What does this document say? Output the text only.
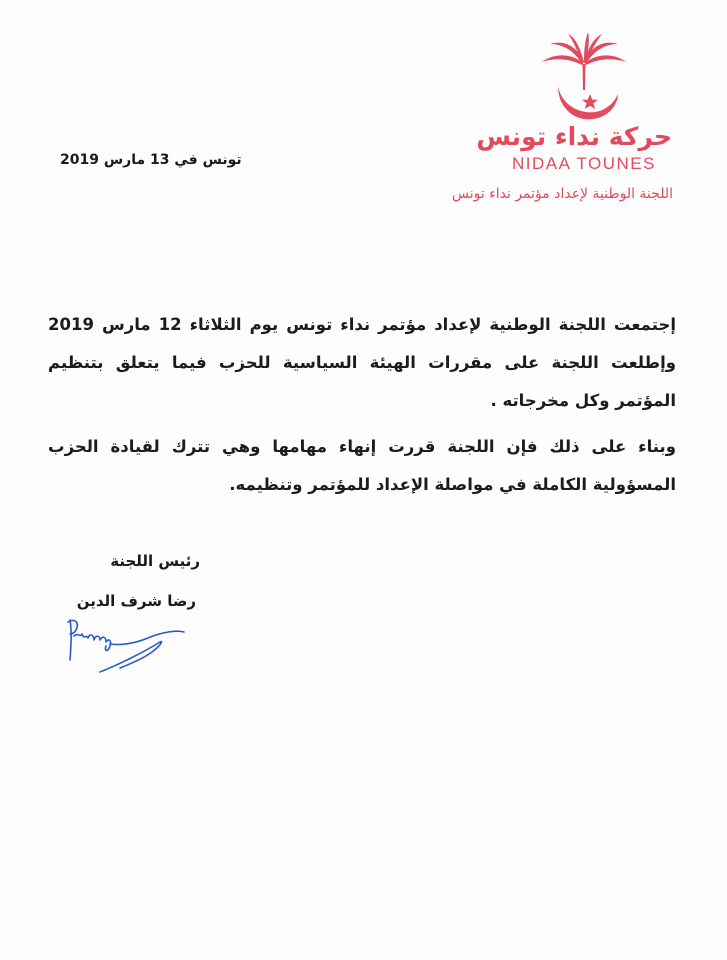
حركة نداء تونس
NIDAA TOUNES
اللجنة الوطنية لإعداد مؤتمر نداء تونس
تونس في 13 مارس 2019

إجتمعت اللجنة الوطنية لإعداد مؤتمر نداء تونس يوم الثلاثاء 12 مارس 2019 وإطلعت اللجنة على مقررات الهيئة السياسية للحزب فيما يتعلق بتنظيم المؤتمر وكل مخرجاته .

وبناء على ذلك فإن اللجنة قررت إنهاء مهامها وهي تترك لقيادة الحزب المسؤولية الكاملة في مواصلة الإعداد للمؤتمر وتنظيمه.

رئيس اللجنة
رضا شرف الدين
